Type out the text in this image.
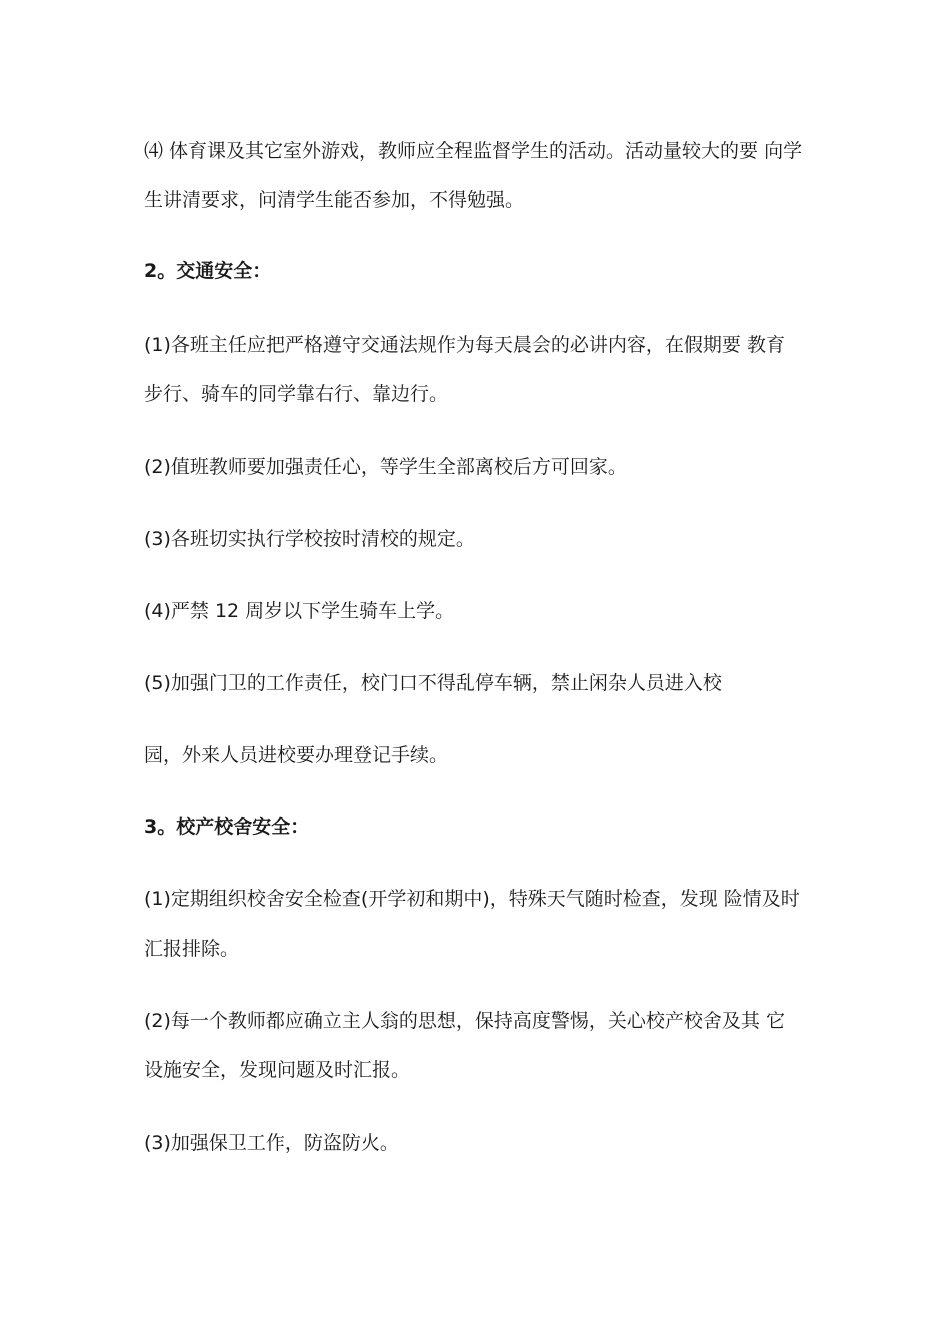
⑷ 体育课及其它室外游戏，教师应全程监督学生的活动。活动量较大的要 向学
生讲清要求，问清学生能否参加，不得勉强。
2。交通安全：
(1)各班主任应把严格遵守交通法规作为每天晨会的必讲内容，在假期要 教育
步行、骑车的同学靠右行、靠边行。
(2)值班教师要加强责任心，等学生全部离校后方可回家。
(3)各班切实执行学校按时清校的规定。
(4)严禁 12 周岁以下学生骑车上学。
(5)加强门卫的工作责任，校门口不得乱停车辆，禁止闲杂人员进入校
园，外来人员进校要办理登记手续。
3。校产校舍安全：
(1)定期组织校舍安全检查(开学初和期中)，特殊天气随时检查，发现 险情及时
汇报排除。
(2)每一个教师都应确立主人翁的思想，保持高度警惕，关心校产校舍及其 它
设施安全，发现问题及时汇报。
(3)加强保卫工作，防盗防火。
